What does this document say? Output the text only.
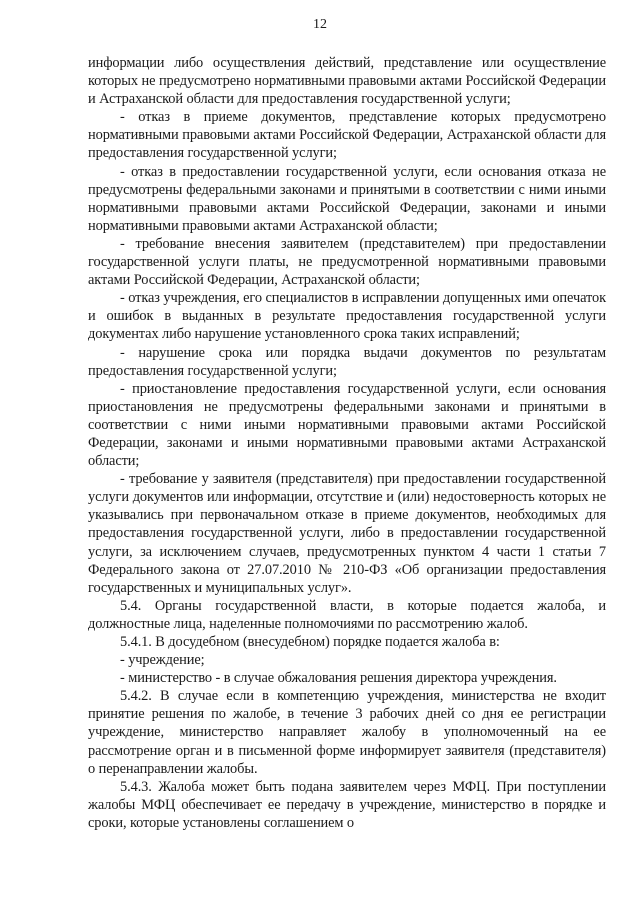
12

информации либо осуществления действий, представление или осуществление которых не предусмотрено нормативными правовыми актами Российской Федерации и Астраханской области для предоставления государственной услуги;

- отказ в приеме документов, представление которых предусмотрено нормативными правовыми актами Российской Федерации, Астраханской области для предоставления государственной услуги;

- отказ в предоставлении государственной услуги, если основания отказа не предусмотрены федеральными законами и принятыми в соответствии с ними иными нормативными правовыми актами Российской Федерации, законами и иными нормативными правовыми актами Астраханской области;

- требование внесения заявителем (представителем) при предоставлении государственной услуги платы, не предусмотренной нормативными правовыми актами Российской Федерации, Астраханской области;

- отказ учреждения, его специалистов в исправлении допущенных ими опечаток и ошибок в выданных в результате предоставления государственной услуги документах либо нарушение установленного срока таких исправлений;

- нарушение срока или порядка выдачи документов по результатам предоставления государственной услуги;

- приостановление предоставления государственной услуги, если основания приостановления не предусмотрены федеральными законами и принятыми в соответствии с ними иными нормативными правовыми актами Российской Федерации, законами и иными нормативными правовыми актами Астраханской области;

- требование у заявителя (представителя) при предоставлении государственной услуги документов или информации, отсутствие и (или) недостоверность которых не указывались при первоначальном отказе в приеме документов, необходимых для предоставления государственной услуги, либо в предоставлении государственной услуги, за исключением случаев, предусмотренных пунктом 4 части 1 статьи 7 Федерального закона от 27.07.2010 № 210-ФЗ «Об организации предоставления государственных и муниципальных услуг».

5.4. Органы государственной власти, в которые подается жалоба, и должностные лица, наделенные полномочиями по рассмотрению жалоб.

5.4.1. В досудебном (внесудебном) порядке подается жалоба в:

- учреждение;

- министерство - в случае обжалования решения директора учреждения.

5.4.2. В случае если в компетенцию учреждения, министерства не входит принятие решения по жалобе, в течение 3 рабочих дней со дня ее регистрации учреждение, министерство направляет жалобу в уполномоченный на ее рассмотрение орган и в письменной форме информирует заявителя (представителя) о перенаправлении жалобы.

5.4.3. Жалоба может быть подана заявителем через МФЦ. При поступлении жалобы МФЦ обеспечивает ее передачу в учреждение, министерство в порядке и сроки, которые установлены соглашением о
